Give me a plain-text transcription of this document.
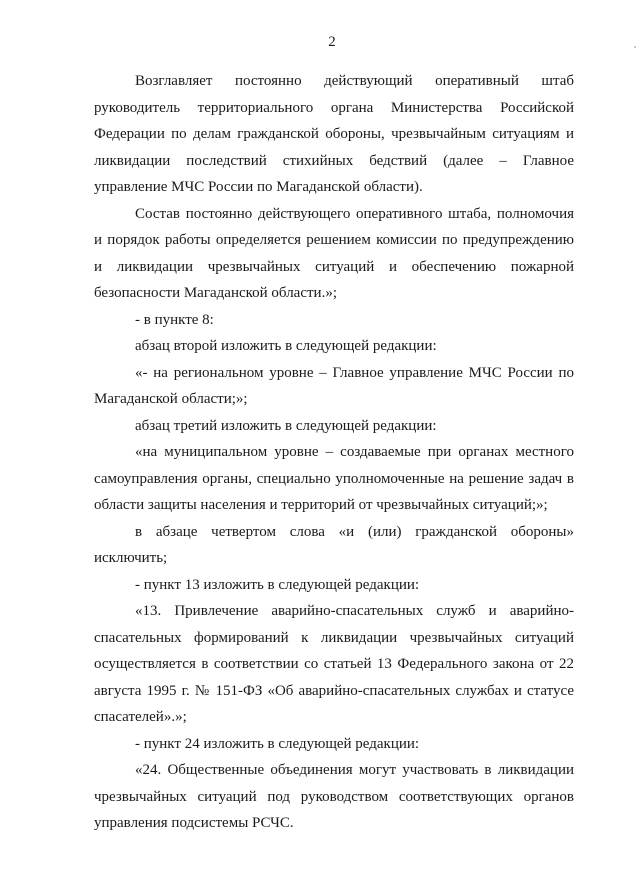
2

Возглавляет постоянно действующий оперативный штаб руководитель территориального органа Министерства Российской Федерации по делам гражданской обороны, чрезвычайным ситуациям и ликвидации последствий стихийных бедствий (далее – Главное управление МЧС России по Магаданской области).

Состав постоянно действующего оперативного штаба, полномочия и порядок работы определяется решением комиссии по предупреждению и ликвидации чрезвычайных ситуаций и обеспечению пожарной безопасности Магаданской области.»;

- в пункте 8:

абзац второй изложить в следующей редакции:

«- на региональном уровне – Главное управление МЧС России по Магаданской области;»;

абзац третий изложить в следующей редакции:

«на муниципальном уровне – создаваемые при органах местного самоуправления органы, специально уполномоченные на решение задач в области защиты населения и территорий от чрезвычайных ситуаций;»;

в абзаце четвертом слова «и (или) гражданской обороны» исключить;

- пункт 13 изложить в следующей редакции:

«13. Привлечение аварийно-спасательных служб и аварийно-спасательных формирований к ликвидации чрезвычайных ситуаций осуществляется в соответствии со статьей 13 Федерального закона от 22 августа 1995 г. № 151-ФЗ «Об аварийно-спасательных службах и статусе спасателей».»;

- пункт 24 изложить в следующей редакции:

«24. Общественные объединения могут участвовать в ликвидации чрезвычайных ситуаций под руководством соответствующих органов управления подсистемы РСЧС.
